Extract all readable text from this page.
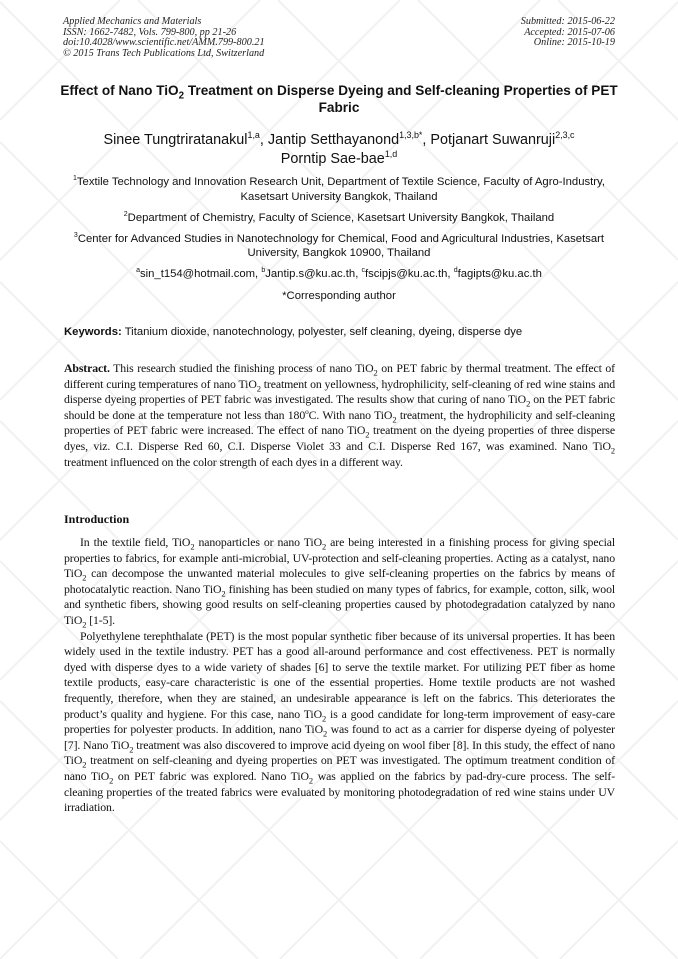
Applied Mechanics and Materials
ISSN: 1662-7482, Vols. 799-800, pp 21-26
doi:10.4028/www.scientific.net/AMM.799-800.21
© 2015 Trans Tech Publications Ltd, Switzerland
Submitted: 2015-06-22
Accepted: 2015-07-06
Online: 2015-10-19
Effect of Nano TiO$_2$ Treatment on Disperse Dyeing and Self-cleaning Properties of PET Fabric
Sinee Tungtriratanakul$^{1,a}$, Jantip Setthayanond$^{1,3,b*}$, Potjanart Suwanruji$^{2,3,c}$
Porntip Sae-bae$^{1,d}$

$^1$Textile Technology and Innovation Research Unit, Department of Textile Science, Faculty of Agro-Industry, Kasetsart University Bangkok, Thailand

$^2$Department of Chemistry, Faculty of Science, Kasetsart University Bangkok, Thailand

$^3$Center for Advanced Studies in Nanotechnology for Chemical, Food and Agricultural Industries, Kasetsart University, Bangkok 10900, Thailand

$^a$sin_t154@hotmail.com, $^b$Jantip.s@ku.ac.th, $^c$fscipjs@ku.ac.th, $^d$fagipts@ku.ac.th

*Corresponding author

Keywords: Titanium dioxide, nanotechnology, polyester, self cleaning, dyeing, disperse dye
Abstract. This research studied the finishing process of nano TiO$_2$ on PET fabric by thermal treatment. The effect of different curing temperatures of nano TiO$_2$ treatment on yellowness, hydrophilicity, self-cleaning of red wine stains and disperse dyeing properties of PET fabric was investigated. The results show that curing of nano TiO$_2$ on the PET fabric should be done at the temperature not less than 180$^o$C. With nano TiO$_2$ treatment, the hydrophilicity and self-cleaning properties of PET fabric were increased. The effect of nano TiO$_2$ treatment on the dyeing properties of three disperse dyes, viz. C.I. Disperse Red 60, C.I. Disperse Violet 33 and C.I. Disperse Red 167, was examined. Nano TiO$_2$ treatment influenced on the color strength of each dyes in a different way.
Introduction

In the textile field, TiO$_2$ nanoparticles or nano TiO$_2$ are being interested in a finishing process for giving special properties to fabrics, for example anti-microbial, UV-protection and self-cleaning properties. Acting as a catalyst, nano TiO$_2$ can decompose the unwanted material molecules to give self-cleaning properties on the fabrics by means of photocatalytic reaction. Nano TiO$_2$ finishing has been studied on many types of fabrics, for example, cotton, silk, wool and synthetic fibers, showing good results on self-cleaning properties caused by photodegradation catalyzed by nano TiO$_2$ [1-5].

Polyethylene terephthalate (PET) is the most popular synthetic fiber because of its universal properties. It has been widely used in the textile industry. PET has a good all-around performance and cost effectiveness. PET is normally dyed with disperse dyes to a wide variety of shades [6] to serve the textile market. For utilizing PET fiber as home textile products, easy-care characteristic is one of the essential properties. Home textile products are not washed frequently, therefore, when they are stained, an undesirable appearance is left on the fabrics. This deteriorates the product’s quality and hygiene. For this case, nano TiO$_2$ is a good candidate for long-term improvement of easy-care properties for polyester products. In addition, nano TiO$_2$ was found to act as a carrier for disperse dyeing of polyester [7]. Nano TiO$_2$ treatment was also discovered to improve acid dyeing on wool fiber [8]. In this study, the effect of nano TiO$_2$ treatment on self-cleaning and dyeing properties on PET was investigated. The optimum treatment condition of nano TiO$_2$ on PET fabric was explored. Nano TiO$_2$ was applied on the fabrics by pad-dry-cure process. The self-cleaning properties of the treated fabrics were evaluated by monitoring photodegradation of red wine stains under UV irradiation.
